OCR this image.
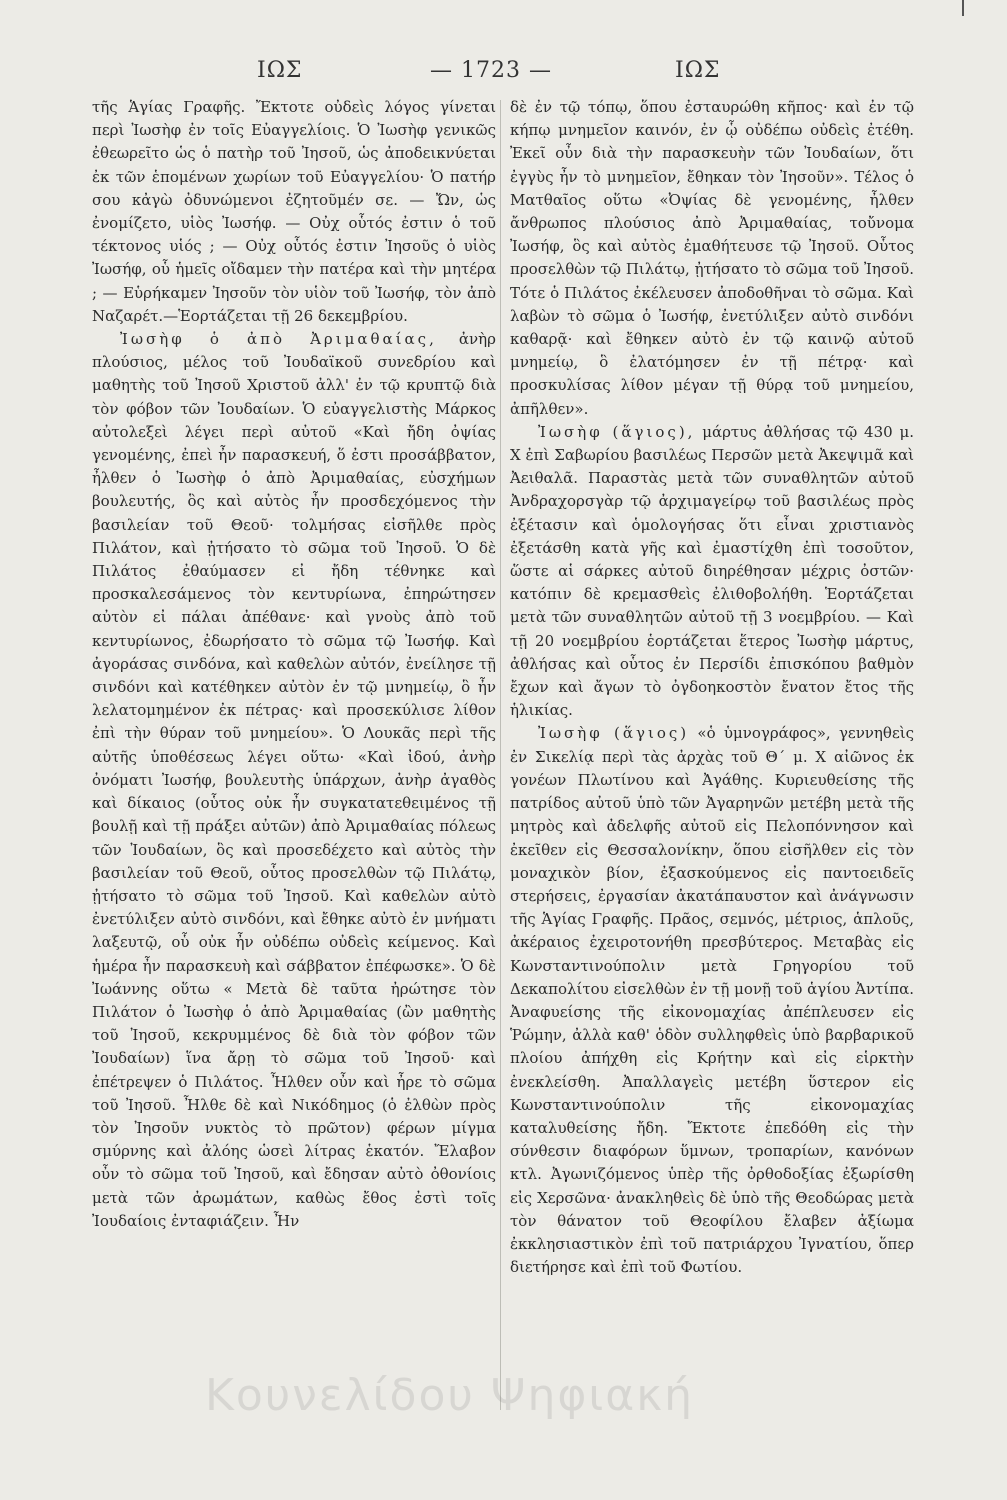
ΙΩΣ	— 1723 —	ΙΩΣ

τῆς Ἁγίας Γραφῆς. Ἔκτοτε οὐδεὶς λόγος γίνεται περὶ Ἰωσὴφ ἐν τοῖς Εὐαγγελίοις. Ὁ Ἰωσὴφ γενικῶς ἐθεωρεῖτο ὡς ὁ πατὴρ τοῦ Ἰησοῦ, ὡς ἀποδεικνύεται ἐκ τῶν ἑπομένων χωρίων τοῦ Εὐαγγελίου· Ὁ πατήρ σου κἀγὼ ὀδυνώμενοι ἐζητοῦμέν σε. — Ὤν, ὡς ἐνομίζετο, υἱὸς Ἰωσήφ. — Οὐχ οὗτός ἐστιν ὁ τοῦ τέκτονος υἱός ; — Οὐχ οὗτός ἐστιν Ἰησοῦς ὁ υἱὸς Ἰωσήφ, οὗ ἡμεῖς οἴδαμεν τὴν πατέρα καὶ τὴν μητέρα ; — Εὑρήκαμεν Ἰησοῦν τὸν υἱὸν τοῦ Ἰωσήφ, τὸν ἀπὸ Ναζαρέτ.—Ἑορτάζεται τῇ 26 δεκεμβρίου.

Ἰωσὴφ ὁ ἀπὸ Ἀριμαθαίας, ἀνὴρ πλούσιος, μέλος τοῦ Ἰουδαϊκοῦ συνεδρίου καὶ μαθητὴς τοῦ Ἰησοῦ Χριστοῦ ἀλλ' ἐν τῷ κρυπτῷ διὰ τὸν φόβον τῶν Ἰουδαίων. Ὁ εὐαγγελιστὴς Μάρκος αὐτολεξεὶ λέγει περὶ αὐτοῦ «Καὶ ἤδη ὀψίας γενομένης, ἐπεὶ ἦν παρασκευή, ὅ ἐστι προσάββατον, ἦλθεν ὁ Ἰωσὴφ ὁ ἀπὸ Ἀριμαθαίας, εὐσχήμων βουλευτής, ὃς καὶ αὐτὸς ἦν προσδεχόμενος τὴν βασιλείαν τοῦ Θεοῦ· τολμήσας εἰσῆλθε πρὸς Πιλάτον, καὶ ᾐτήσατο τὸ σῶμα τοῦ Ἰησοῦ. Ὁ δὲ Πιλάτος ἐθαύμασεν εἰ ἤδη τέθνηκε καὶ προσκαλεσάμενος τὸν κεντυρίωνα, ἐπηρώτησεν αὐτὸν εἰ πάλαι ἀπέθανε· καὶ γνοὺς ἀπὸ τοῦ κεντυρίωνος, ἐδωρήσατο τὸ σῶμα τῷ Ἰωσήφ. Καὶ ἀγοράσας σινδόνα, καὶ καθελὼν αὐτόν, ἐνείλησε τῇ σινδόνι καὶ κατέθηκεν αὐτὸν ἐν τῷ μνημείῳ, ὃ ἦν λελατομημένον ἐκ πέτρας· καὶ προσεκύλισε λίθον ἐπὶ τὴν θύραν τοῦ μνημείου». Ὁ Λουκᾶς περὶ τῆς αὐτῆς ὑποθέσεως λέγει οὕτω· «Καὶ ἰδού, ἀνὴρ ὀνόματι Ἰωσήφ, βουλευτὴς ὑπάρχων, ἀνὴρ ἀγαθὸς καὶ δίκαιος (οὗτος οὐκ ἦν συγκατατεθειμένος τῇ βουλῇ καὶ τῇ πράξει αὐτῶν) ἀπὸ Ἀριμαθαίας πόλεως τῶν Ἰουδαίων, ὃς καὶ προσεδέχετο καὶ αὐτὸς τὴν βασιλείαν τοῦ Θεοῦ, οὗτος προσελθὼν τῷ Πιλάτῳ, ᾐτήσατο τὸ σῶμα τοῦ Ἰησοῦ. Καὶ καθελὼν αὐτὸ ἐνετύλιξεν αὐτὸ σινδόνι, καὶ ἔθηκε αὐτὸ ἐν μνήματι λαξευτῷ, οὗ οὐκ ἦν οὐδέπω οὐδεὶς κείμενος. Καὶ ἡμέρα ἦν παρασκευὴ καὶ σάββατον ἐπέφωσκε». Ὁ δὲ Ἰωάννης οὕτω « Μετὰ δὲ ταῦτα ἠρώτησε τὸν Πιλάτον ὁ Ἰωσὴφ ὁ ἀπὸ Ἀριμαθαίας (ὢν μαθητὴς τοῦ Ἰησοῦ, κεκρυμμένος δὲ διὰ τὸν φόβον τῶν Ἰουδαίων) ἵνα ἄρῃ τὸ σῶμα τοῦ Ἰησοῦ· καὶ ἐπέτρεψεν ὁ Πιλάτος. Ἦλθεν οὖν καὶ ἦρε τὸ σῶμα τοῦ Ἰησοῦ. Ἦλθε δὲ καὶ Νικόδημος (ὁ ἐλθὼν πρὸς τὸν Ἰησοῦν νυκτὸς τὸ πρῶτον) φέρων μίγμα σμύρνης καὶ ἀλόης ὡσεὶ λίτρας ἑκατόν. Ἔλαβον οὖν τὸ σῶμα τοῦ Ἰησοῦ, καὶ ἔδησαν αὐτὸ ὀθονίοις μετὰ τῶν ἀρωμάτων, καθὼς ἔθος ἐστὶ τοῖς Ἰουδαίοις ἐνταφιάζειν. Ἦν

δὲ ἐν τῷ τόπῳ, ὅπου ἐσταυρώθη κῆπος· καὶ ἐν τῷ κήπῳ μνημεῖον καινόν, ἐν ᾧ οὐδέπω οὐδεὶς ἐτέθη. Ἐκεῖ οὖν διὰ τὴν παρασκευὴν τῶν Ἰουδαίων, ὅτι ἐγγὺς ἦν τὸ μνημεῖον, ἔθηκαν τὸν Ἰησοῦν». Τέλος ὁ Ματθαῖος οὕτω «Ὀψίας δὲ γενομένης, ἦλθεν ἄνθρωπος πλούσιος ἀπὸ Ἀριμαθαίας, τοὔνομα Ἰωσήφ, ὃς καὶ αὐτὸς ἐμαθήτευσε τῷ Ἰησοῦ. Οὗτος προσελθὼν τῷ Πιλάτῳ, ᾐτήσατο τὸ σῶμα τοῦ Ἰησοῦ. Τότε ὁ Πιλάτος ἐκέλευσεν ἀποδοθῆναι τὸ σῶμα. Καὶ λαβὼν τὸ σῶμα ὁ Ἰωσήφ, ἐνετύλιξεν αὐτὸ σινδόνι καθαρᾷ· καὶ ἔθηκεν αὐτὸ ἐν τῷ καινῷ αὐτοῦ μνημείῳ, ὃ ἐλατόμησεν ἐν τῇ πέτρᾳ· καὶ προσκυλίσας λίθον μέγαν τῇ θύρᾳ τοῦ μνημείου, ἀπῆλθεν».

Ἰωσὴφ (ἅγιος), μάρτυς ἀθλήσας τῷ 430 μ. Χ ἐπὶ Σαβωρίου βασιλέως Περσῶν μετὰ Ἀκεψιμᾶ καὶ Ἀειθαλᾶ. Παραστὰς μετὰ τῶν συναθλητῶν αὐτοῦ Ἀνδραχορσγὰρ τῷ ἀρχιμαγείρῳ τοῦ βασιλέως πρὸς ἐξέτασιν καὶ ὁμολογήσας ὅτι εἶναι χριστιανὸς ἐξετάσθη κατὰ γῆς καὶ ἐμαστίχθη ἐπὶ τοσοῦτον, ὥστε αἱ σάρκες αὐτοῦ διηρέθησαν μέχρις ὀστῶν· κατόπιν δὲ κρεμασθεὶς ἐλιθοβολήθη. Ἑορτάζεται μετὰ τῶν συναθλητῶν αὐτοῦ τῇ 3 νοεμβρίου. — Καὶ τῇ 20 νοεμβρίου ἑορτάζεται ἕτερος Ἰωσὴφ μάρτυς, ἀθλήσας καὶ οὗτος ἐν Περσίδι ἐπισκόπου βαθμὸν ἔχων καὶ ἄγων τὸ ὀγδοηκοστὸν ἔνατον ἔτος τῆς ἡλικίας.

Ἰωσὴφ (ἅγιος) «ὁ ὑμνογράφος», γεννηθεὶς ἐν Σικελίᾳ περὶ τὰς ἀρχὰς τοῦ Θ΄ μ. Χ αἰῶνος ἐκ γονέων Πλωτίνου καὶ Ἀγάθης. Κυριευθείσης τῆς πατρίδος αὐτοῦ ὑπὸ τῶν Ἀγαρηνῶν μετέβη μετὰ τῆς μητρὸς καὶ ἀδελφῆς αὐτοῦ εἰς Πελοπόννησον καὶ ἐκεῖθεν εἰς Θεσσαλονίκην, ὅπου εἰσῆλθεν εἰς τὸν μοναχικὸν βίον, ἐξασκούμενος εἰς παντοειδεῖς στερήσεις, ἐργασίαν ἀκατάπαυστον καὶ ἀνάγνωσιν τῆς Ἁγίας Γραφῆς. Πρᾶος, σεμνός, μέτριος, ἁπλοῦς, ἀκέραιος ἐχειροτονήθη πρεσβύτερος. Μεταβὰς εἰς Κωνσταντινούπολιν μετὰ Γρηγορίου τοῦ Δεκαπολίτου εἰσελθὼν ἐν τῇ μονῇ τοῦ ἁγίου Ἀντίπα. Ἀναφυείσης τῆς εἰκονομαχίας ἀπέπλευσεν εἰς Ῥώμην, ἀλλὰ καθ' ὁδὸν συλληφθεὶς ὑπὸ βαρβαρικοῦ πλοίου ἀπήχθη εἰς Κρήτην καὶ εἰς εἱρκτὴν ἐνεκλείσθη. Ἀπαλλαγεὶς μετέβη ὕστερον εἰς Κωνσταντινούπολιν τῆς εἰκονομαχίας καταλυθείσης ἤδη. Ἔκτοτε ἐπεδόθη εἰς τὴν σύνθεσιν διαφόρων ὕμνων, τροπαρίων, κανόνων κτλ. Ἀγωνιζόμενος ὑπὲρ τῆς ὀρθοδοξίας ἐξωρίσθη εἰς Χερσῶνα· ἀνακληθεὶς δὲ ὑπὸ τῆς Θεοδώρας μετὰ τὸν θάνατον τοῦ Θεοφίλου ἔλαβεν ἀξίωμα ἐκκλησιαστικὸν ἐπὶ τοῦ πατριάρχου Ἰγνατίου, ὅπερ διετήρησε καὶ ἐπὶ τοῦ Φωτίου.

Κουνελίδου Ψηφιακή
